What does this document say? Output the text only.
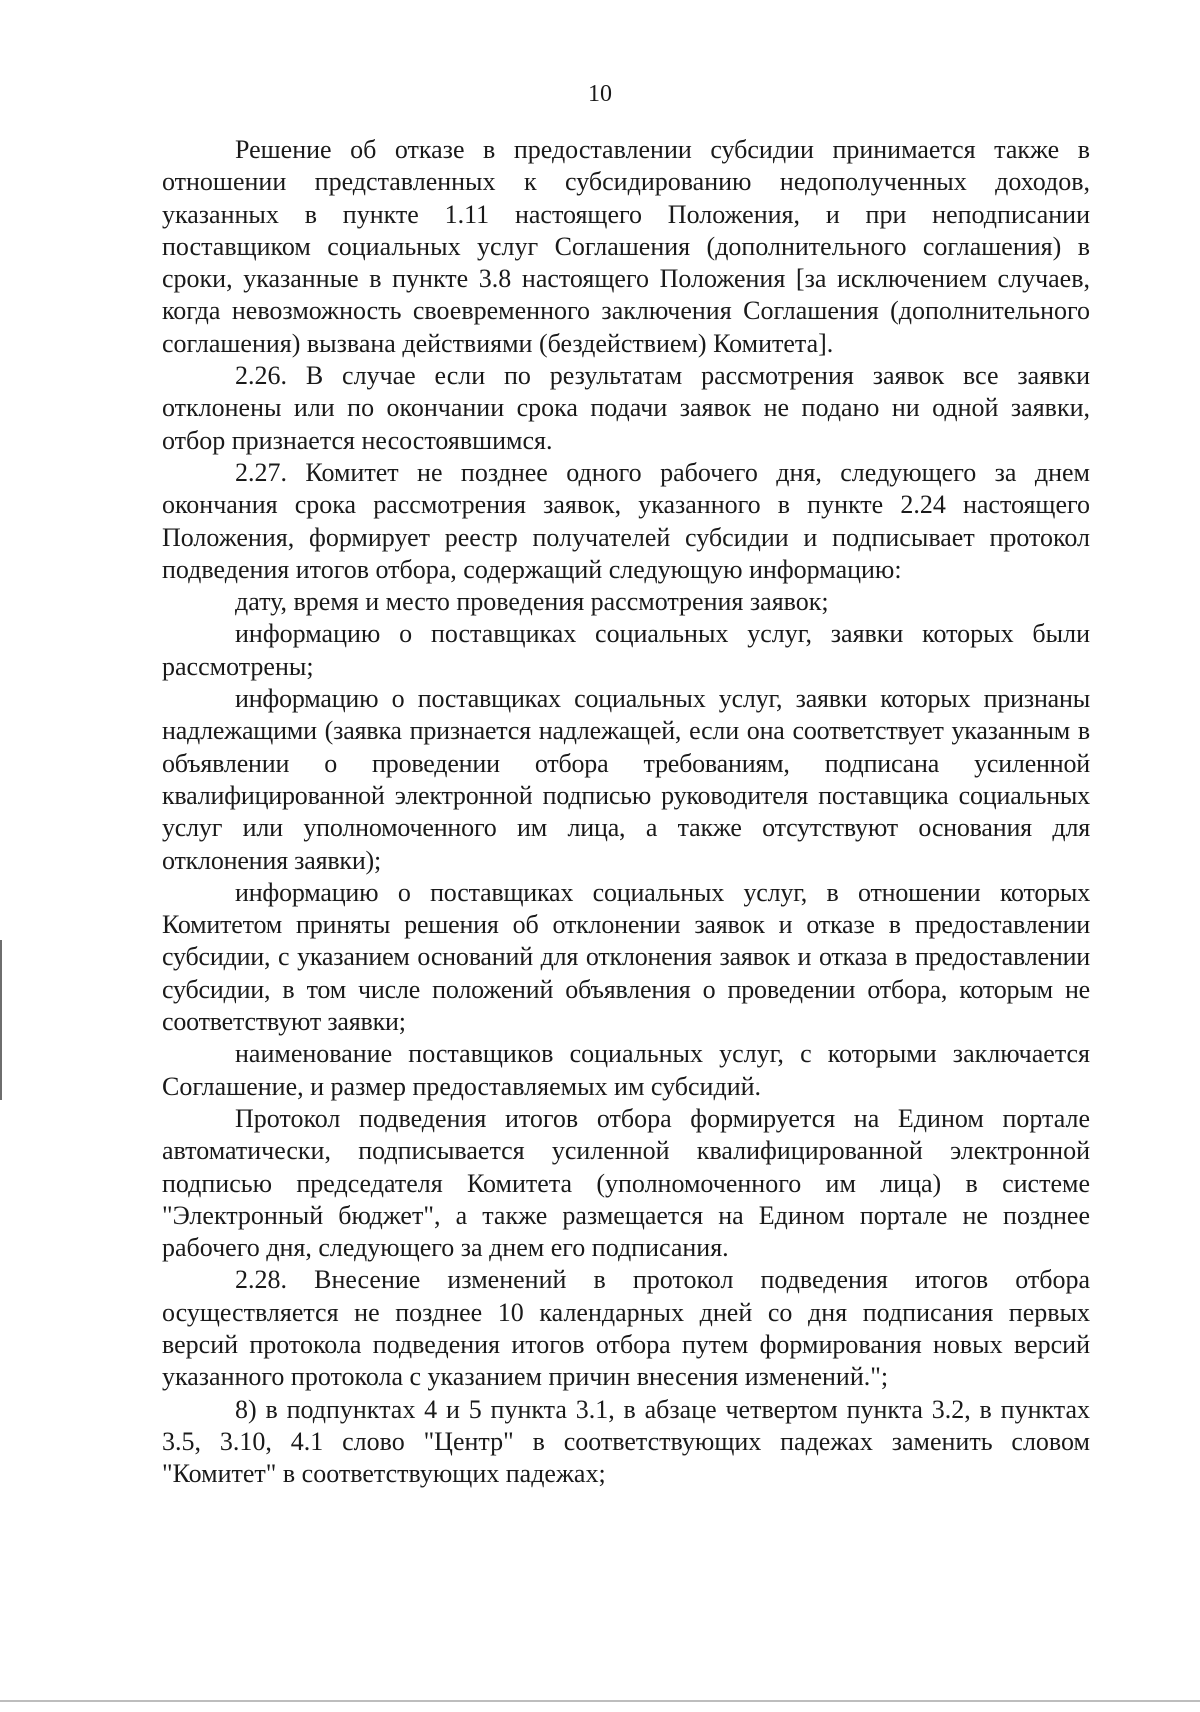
10

Решение об отказе в предоставлении субсидии принимается также в отношении представленных к субсидированию недополученных доходов, указанных в пункте 1.11 настоящего Положения, и при неподписании поставщиком социальных услуг Соглашения (дополнительного соглашения) в сроки, указанные в пункте 3.8 настоящего Положения [за исключением случаев, когда невозможность своевременного заключения Соглашения (дополнительного соглашения) вызвана действиями (бездействием) Комитета].

2.26. В случае если по результатам рассмотрения заявок все заявки отклонены или по окончании срока подачи заявок не подано ни одной заявки, отбор признается несостоявшимся.

2.27. Комитет не позднее одного рабочего дня, следующего за днем окончания срока рассмотрения заявок, указанного в пункте 2.24 настоящего Положения, формирует реестр получателей субсидии и подписывает протокол подведения итогов отбора, содержащий следующую информацию:

дату, время и место проведения рассмотрения заявок;

информацию о поставщиках социальных услуг, заявки которых были рассмотрены;

информацию о поставщиках социальных услуг, заявки которых признаны надлежащими (заявка признается надлежащей, если она соответствует указанным в объявлении о проведении отбора требованиям, подписана усиленной квалифицированной электронной подписью руководителя поставщика социальных услуг или уполномоченного им лица, а также отсутствуют основания для отклонения заявки);

информацию о поставщиках социальных услуг, в отношении которых Комитетом приняты решения об отклонении заявок и отказе в предоставлении субсидии, с указанием оснований для отклонения заявок и отказа в предоставлении субсидии, в том числе положений объявления о проведении отбора, которым не соответствуют заявки;

наименование поставщиков социальных услуг, с которыми заключается Соглашение, и размер предоставляемых им субсидий.

Протокол подведения итогов отбора формируется на Едином портале автоматически, подписывается усиленной квалифицированной электронной подписью председателя Комитета (уполномоченного им лица) в системе "Электронный бюджет", а также размещается на Едином портале не позднее рабочего дня, следующего за днем его подписания.

2.28. Внесение изменений в протокол подведения итогов отбора осуществляется не позднее 10 календарных дней со дня подписания первых версий протокола подведения итогов отбора путем формирования новых версий указанного протокола с указанием причин внесения изменений.";

8) в подпунктах 4 и 5 пункта 3.1, в абзаце четвертом пункта 3.2, в пунктах 3.5, 3.10, 4.1 слово "Центр" в соответствующих падежах заменить словом "Комитет" в соответствующих падежах;
